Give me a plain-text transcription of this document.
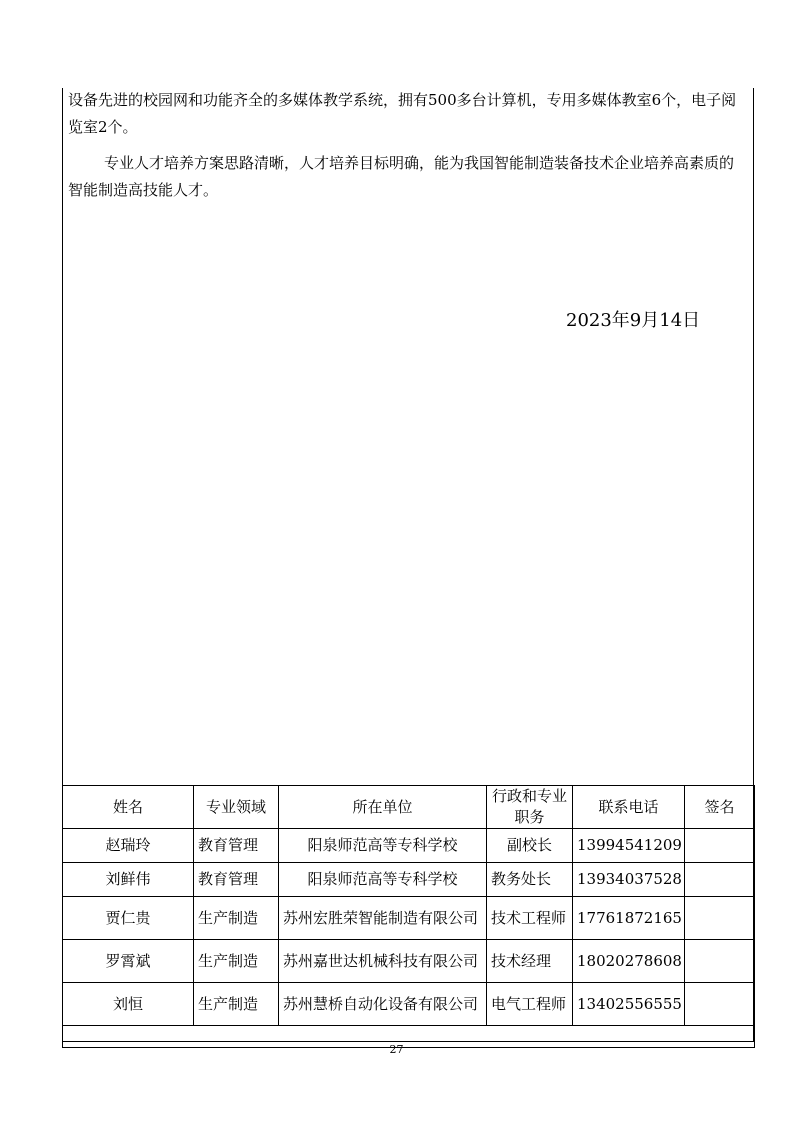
设备先进的校园网和功能齐全的多媒体教学系统，拥有500多台计算机，专用多媒体教室6个，电子阅览室2个。
专业人才培养方案思路清晰，人才培养目标明确，能为我国智能制造装备技术企业培养高素质的智能制造高技能人才。
2023年9月14日
姓名	专业领域	所在单位	行政和专业职务	联系电话	签名
赵瑞玲	教育管理	阳泉师范高等专科学校	副校长	13994541209	
刘鲜伟	教育管理	阳泉师范高等专科学校	教务处长	13934037528	
贾仁贵	生产制造	苏州宏胜荣智能制造有限公司	技术工程师	17761872165	
罗霄斌	生产制造	苏州嘉世达机械科技有限公司	技术经理	18020278608	
刘恒	生产制造	苏州慧桥自动化设备有限公司	电气工程师	13402556555	

27
